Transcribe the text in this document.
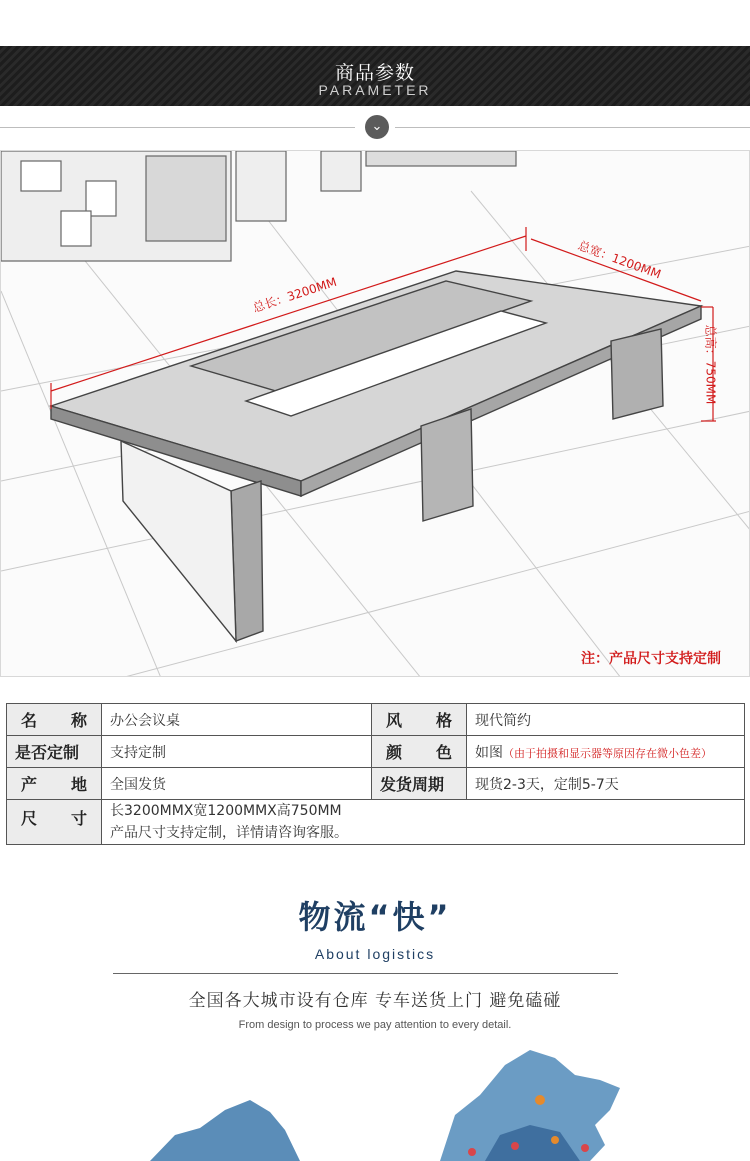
商品参数
PARAMETER
⌄
总长：3200MM
总宽：1200MM
总高：750MM
注：产品尺寸支持定制
名　称	办公会议桌	风　格	现代简约
是否定制	支持定制	颜　色	如图（由于拍摄和显示器等原因存在微小色差）
产　地	全国发货	发货周期	现货2-3天，定制5-7天
尺　寸	长3200MMX宽1200MMX高750MM
产品尺寸支持定制，详情请咨询客服。		
物流“快”
About logistics
全国各大城市设有仓库 专车送货上门 避免磕碰
From design to process we pay attention to every detail.
